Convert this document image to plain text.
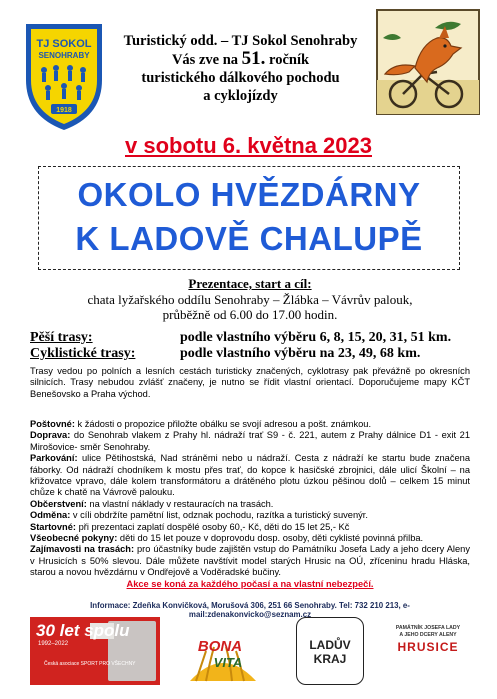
TJ SOKOL
SENOHRABY
1918
Turistický odd. – TJ Sokol Senohraby
Vás zve na 51. ročník
turistického dálkového pochodu
a cyklojízdy
v sobotu 6. května 2023
OKOLO HVĚZDÁRNY
K LADOVĚ CHALUPĚ
Prezentace, start a cíl:
chata lyžařského oddílu Senohraby – Žlábka – Vávrův palouk,
průběžně od 6.00 do 17.00 hodin.
Pěší trasy:	podle vlastního výběru 6, 8, 15, 20, 31, 51 km.
Cyklistické trasy:	podle vlastního výběru na 23, 49, 68 km.
Trasy vedou po polních a lesních cestách turisticky značených, cyklotrasy pak převážně po okresních silnicích. Trasy nebudou zvlášť značeny, je nutno se řídit vlastní orientací. Doporučujeme mapy KČT Benešovsko a Praha východ.
Poštovné: k žádosti o propozice přiložte obálku se svojí adresou a pošt. známkou.
Doprava: do Senohrab vlakem z Prahy hl. nádraží trať S9 - č. 221, autem z Prahy dálnice D1 - exit 21 Mirošovice- směr Senohraby.
Parkování: ulice Pětihostská, Nad stráněmi nebo u nádraží. Cesta z nádraží ke startu bude značena fáborky. Od nádraží chodníkem k mostu přes trať, do kopce k hasičské zbrojnici, dále ulicí Školní – na křižovatce vpravo, dále kolem transformátoru a drátěného plotu úzkou pěšinou dolů – celkem 15 minut chůze k chatě na Vávrově palouku.
Občerstvení: na vlastní náklady v restauracích na trasách.
Odměna: v cíli obdržíte pamětní list, odznak pochodu, razítka a turistický suvenýr.
Startovné: při prezentaci zaplatí dospělé osoby 60,- Kč, děti do 15 let 25,- Kč
Všeobecné pokyny: děti do 15 let pouze v doprovodu dosp. osoby, děti cyklisté povinná přilba.
Zajímavosti na trasách: pro účastníky bude zajištěn vstup do Památníku Josefa Lady a jeho dcery Aleny v Hrusicích s 50% slevou. Dále můžete navštívit model starých Hrusic na OÚ, zříceninu hradu Hláska, starou a novou hvězdárnu v Ondřejově a Voděradské bučiny.
Akce se koná za každého počasí a na vlastní nebezpečí.
Informace: Zdeňka Konvičková, Morušová 306, 251 66 Senohraby. Tel: 732 210 213, e-mail:zdenakonvicko@seznam.cz
30 let spolu
1992–2022
Česká asociace SPORT PRO VŠECHNY
BONA
VITA
LADŮV
KRAJ
PAMÁTNÍK JOSEFA LADY
A JEHO DCERY ALENY
HRUSICE
